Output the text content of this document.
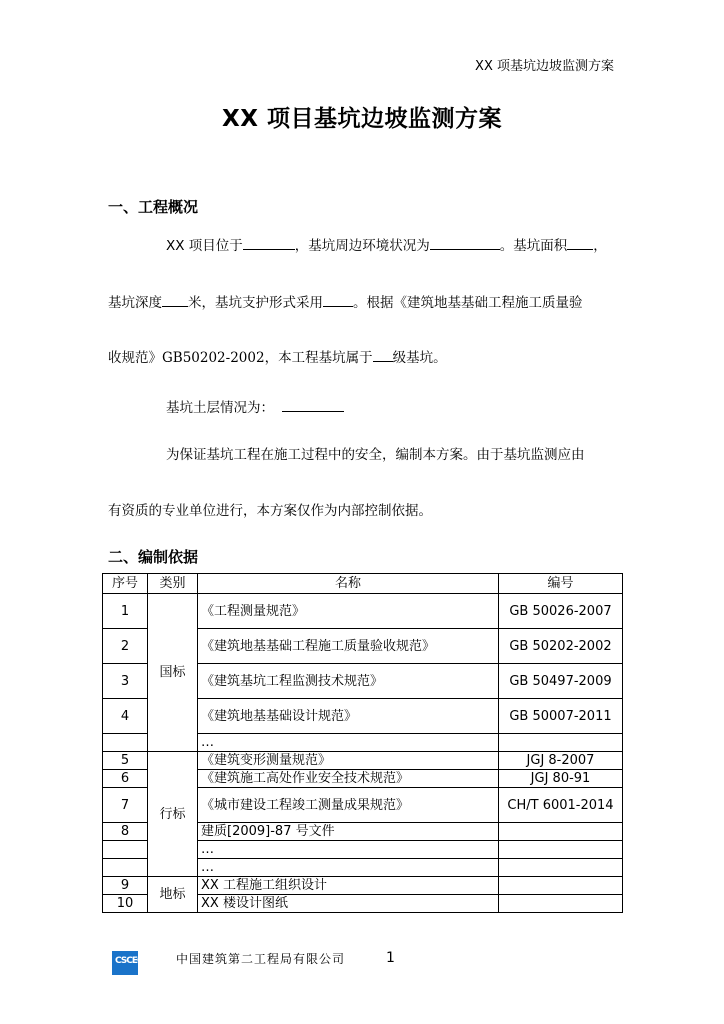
XX 项基坑边坡监测方案
XX 项目基坑边坡监测方案
一、工程概况
XX 项目位于	，基坑周边环境状况为	。基坑面积 ，
基坑深度 米，基坑支护形式采用 。根据《建筑地基基础工程施工质量验
收规范》GB50202-2002，本工程基坑属于 级基坑。
基坑土层情况为：
为保证基坑工程在施工过程中的安全，编制本方案。由于基坑监测应由
有资质的专业单位进行，本方案仅作为内部控制依据。
二、编制依据
序号	类别	名称	编号
1	国标	《工程测量规范》	GB 50026-2007
2		《建筑地基基础工程施工质量验收规范》	GB 50202-2002
3		《建筑基坑工程监测技术规范》	GB 50497-2009
4		《建筑地基基础设计规范》	GB 50007-2011
		…	
5	行标	《建筑变形测量规范》	JGJ 8-2007
6		《建筑施工高处作业安全技术规范》	JGJ 80-91
7		《城市建设工程竣工测量成果规范》	CH/T 6001-2014
8		建质[2009]-87 号文件	
		…	
		…	
9	地标	XX 工程施工组织设计	
10		XX 楼设计图纸	
CSCEC	中国建筑第二工程局有限公司	1
